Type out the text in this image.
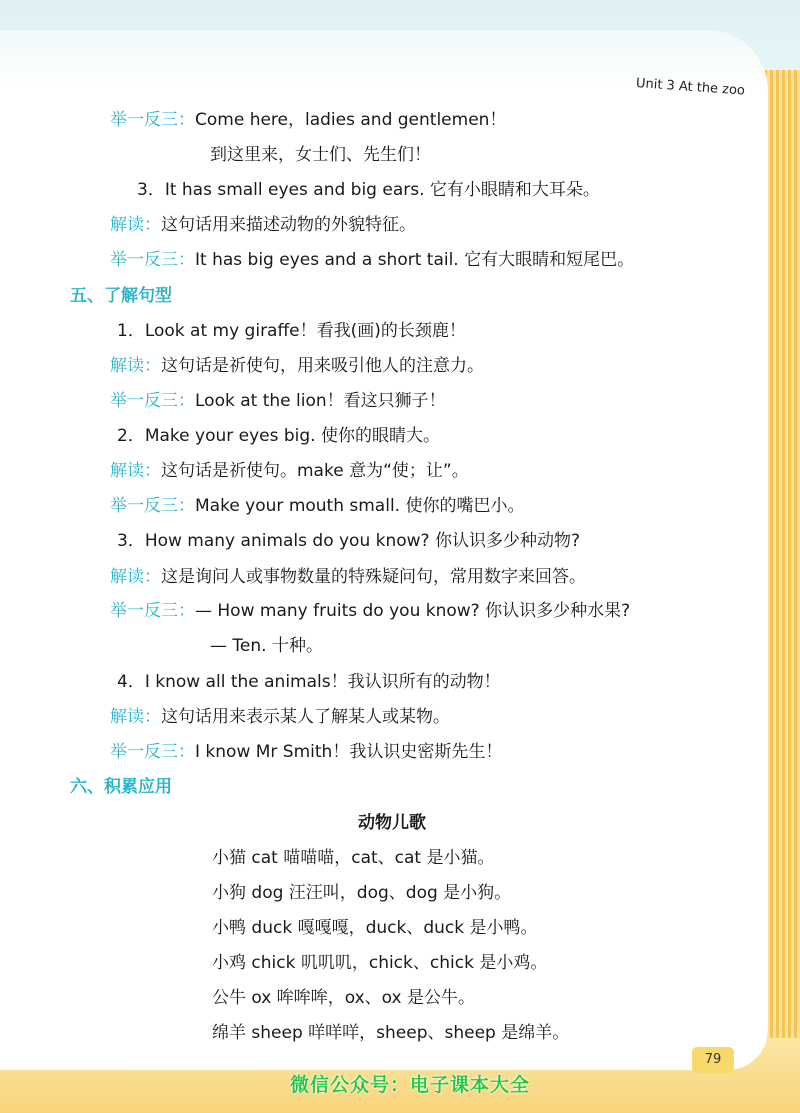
Unit 3 At the zoo
举一反三：Come here，ladies and gentlemen！
到这里来，女士们、先生们！
3．It has small eyes and big ears. 它有小眼睛和大耳朵。
解读：这句话用来描述动物的外貌特征。
举一反三：It has big eyes and a short tail. 它有大眼睛和短尾巴。
五、了解句型
1．Look at my giraffe！看我(画)的长颈鹿！
解读：这句话是祈使句，用来吸引他人的注意力。
举一反三：Look at the lion！看这只狮子！
2．Make your eyes big. 使你的眼睛大。
解读：这句话是祈使句。make 意为“使；让”。
举一反三：Make your mouth small. 使你的嘴巴小。
3．How many animals do you know? 你认识多少种动物?
解读：这是询问人或事物数量的特殊疑问句，常用数字来回答。
举一反三：— How many fruits do you know? 你认识多少种水果?
— Ten. 十种。
4．I know all the animals！我认识所有的动物！
解读：这句话用来表示某人了解某人或某物。
举一反三：I know Mr Smith！我认识史密斯先生！
六、积累应用
动物儿歌
小猫 cat 喵喵喵，cat、cat 是小猫。
小狗 dog 汪汪叫，dog、dog 是小狗。
小鸭 duck 嘎嘎嘎，duck、duck 是小鸭。
小鸡 chick 叽叽叽，chick、chick 是小鸡。
公牛 ox 哞哞哞，ox、ox 是公牛。
绵羊 sheep 咩咩咩，sheep、sheep 是绵羊。
79
微信公众号：电子课本大全
